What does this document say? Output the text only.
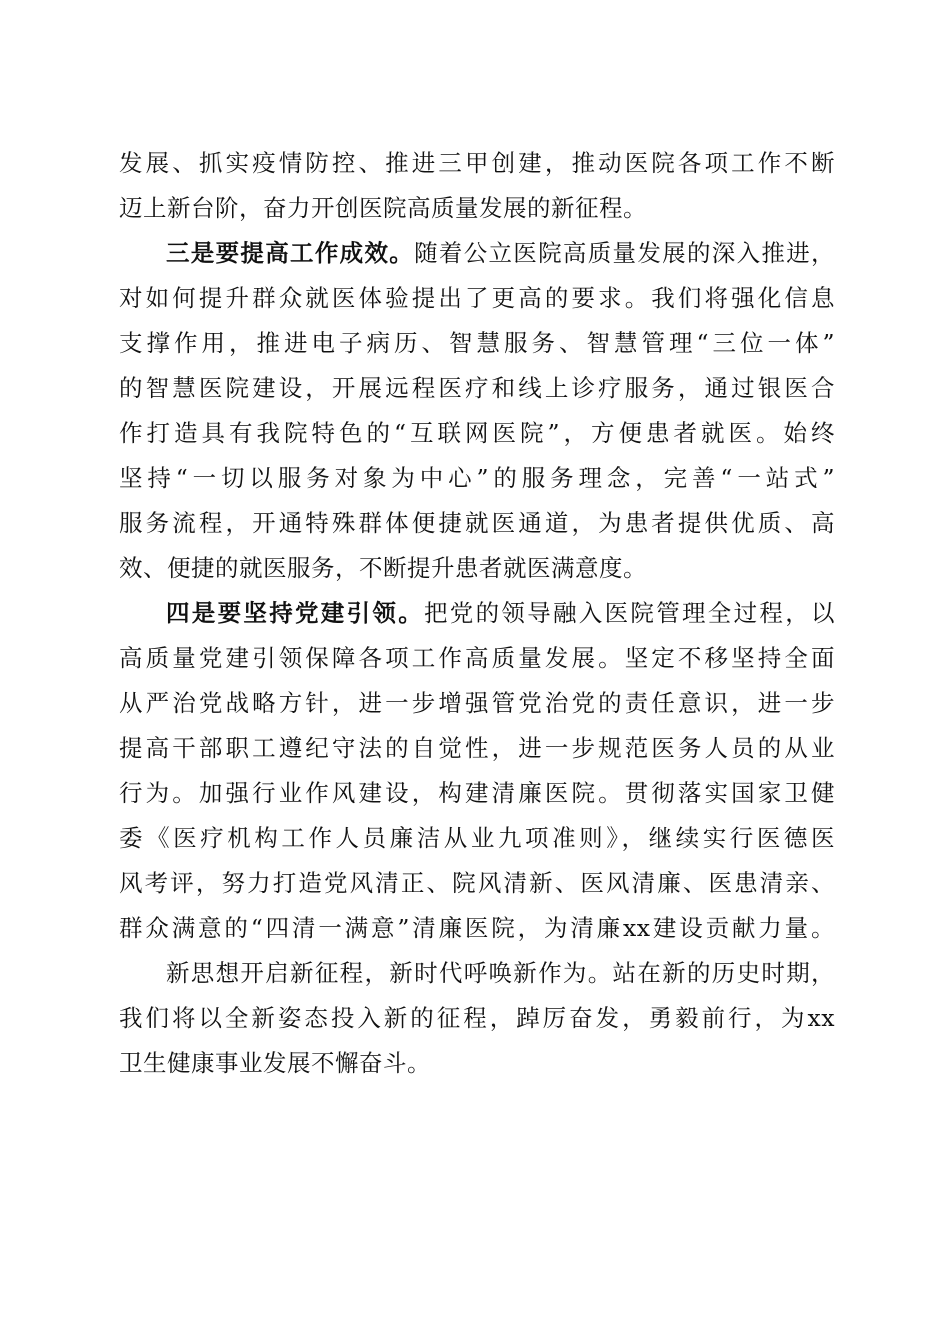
发展、抓实疫情防控、推进三甲创建，推动医院各项工作不断
迈上新台阶，奋力开创医院高质量发展的新征程。
三是要提高工作成效。随着公立医院高质量发展的深入推进，
对如何提升群众就医体验提出了更高的要求。我们将强化信息
支撑作用，推进电子病历、智慧服务、智慧管理“三位一体”
的智慧医院建设，开展远程医疗和线上诊疗服务，通过银医合
作打造具有我院特色的“互联网医院”，方便患者就医。始终
坚持“一切以服务对象为中心”的服务理念，完善“一站式”
服务流程，开通特殊群体便捷就医通道，为患者提供优质、高
效、便捷的就医服务，不断提升患者就医满意度。
四是要坚持党建引领。把党的领导融入医院管理全过程，以
高质量党建引领保障各项工作高质量发展。坚定不移坚持全面
从严治党战略方针，进一步增强管党治党的责任意识，进一步
提高干部职工遵纪守法的自觉性，进一步规范医务人员的从业
行为。加强行业作风建设，构建清廉医院。贯彻落实国家卫健
委《医疗机构工作人员廉洁从业九项准则》，继续实行医德医
风考评，努力打造党风清正、院风清新、医风清廉、医患清亲、
群众满意的“四清一满意”清廉医院，为清廉xx建设贡献力量。
新思想开启新征程，新时代呼唤新作为。站在新的历史时期，
我们将以全新姿态投入新的征程，踔厉奋发，勇毅前行，为xx
卫生健康事业发展不懈奋斗。
